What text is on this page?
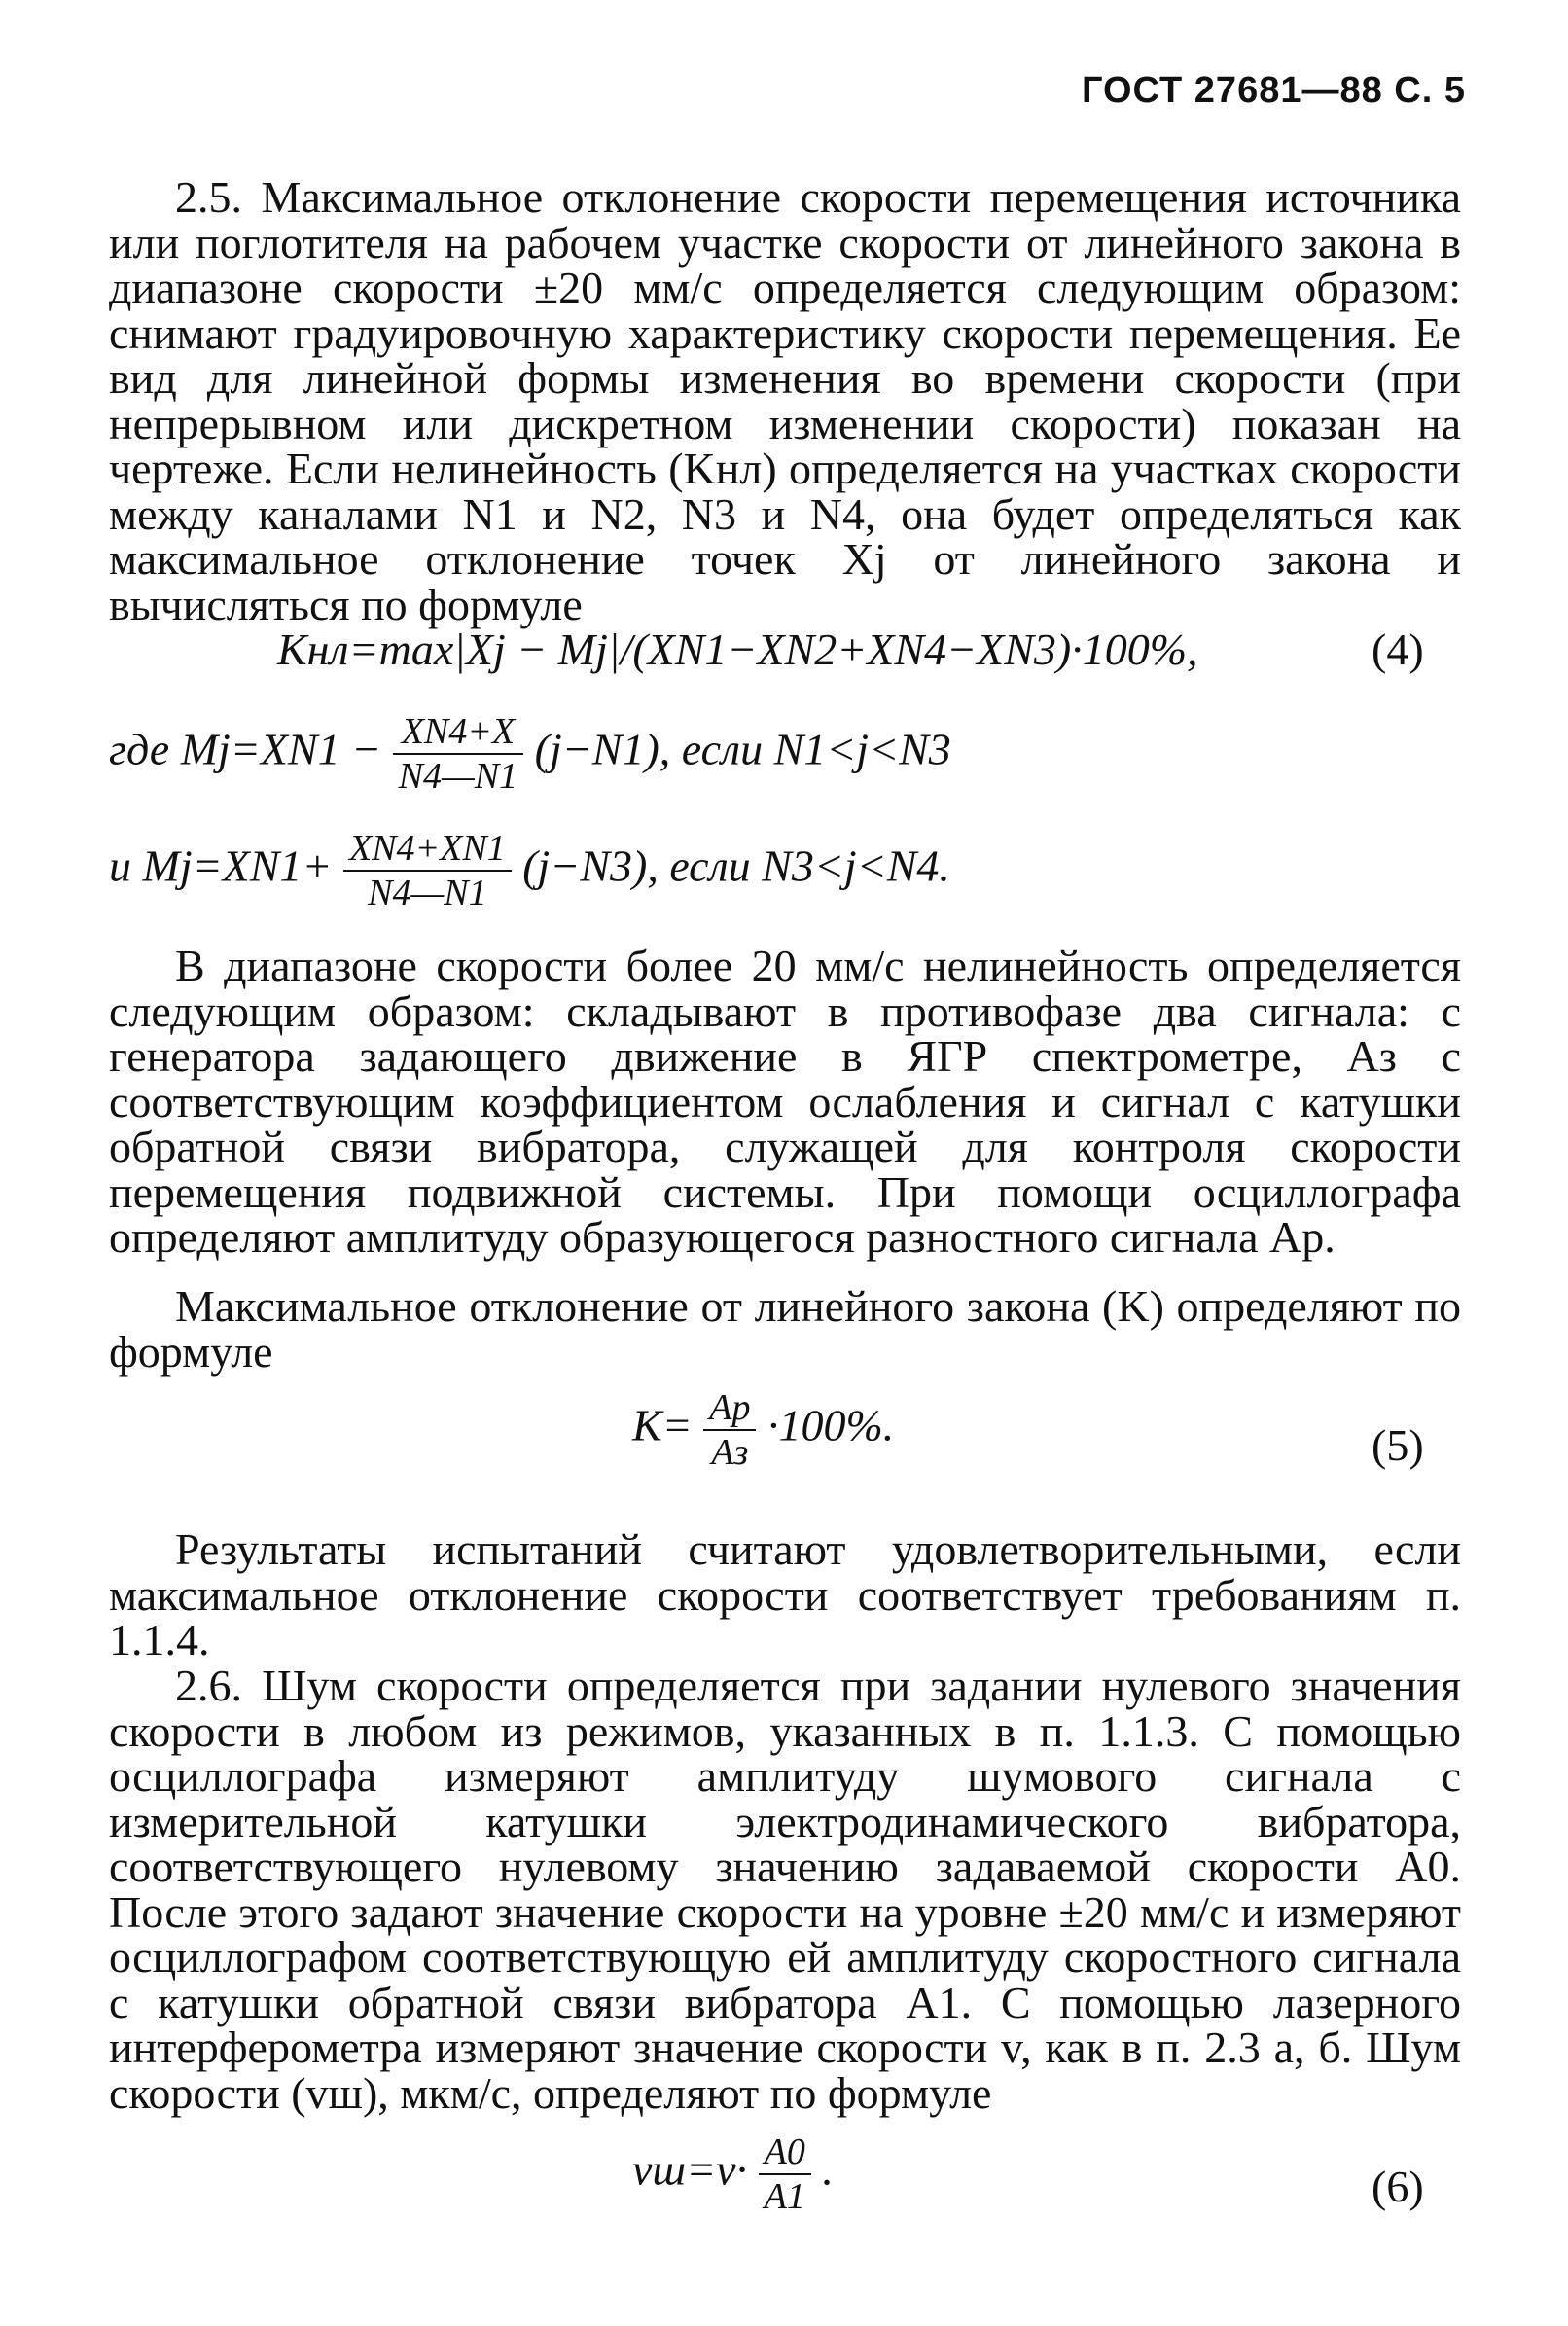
ГОСТ 27681—88 С. 5

2.5. Максимальное отклонение скорости перемещения источника или поглотителя на рабочем участке скорости от линейного закона в диапазоне скорости ±20 мм/с определяется следующим образом: снимают градуировочную характеристику скорости перемещения. Ее вид для линейной формы изменения во времени скорости (при непрерывном или дискретном изменении скорости) показан на чертеже. Если нелинейность (Kнл) определяется на участках скорости между каналами N1 и N2, N3 и N4, она будет определяться как максимальное отклонение точек Xj от линейного закона и вычисляться по формуле

Kнл=max|Xj − Mj|/(XN1−XN2+XN4−XN3)·100%,	(4)
где $Mj=XN1 - \frac{XN4+X}{N4—N1} (j-N1)$, если N1<j<N3
и $Mj=XN1+ \frac{XN4+XN1}{N4—N1} (j-N3)$, если N3<j<N4.

В диапазоне скорости более 20 мм/с нелинейность определяется следующим образом: складывают в противофазе два сигнала: с генератора задающего движение в ЯГР спектрометре, Aз с соответствующим коэффициентом ослабления и сигнал с катушки обратной связи вибратора, служащей для контроля скорости перемещения подвижной системы. При помощи осциллографа определяют амплитуду образующегося разностного сигнала Aр.

Максимальное отклонение от линейного закона (K) определяют по формуле

$K= \frac{Aр}{Aз} \cdot 100\%$.	(5)

Результаты испытаний считают удовлетворительными, если максимальное отклонение скорости соответствует требованиям п. 1.1.4.

2.6. Шум скорости определяется при задании нулевого значения скорости в любом из режимов, указанных в п. 1.1.3. С помощью осциллографа измеряют амплитуду шумового сигнала с измерительной катушки электродинамического вибратора, соответствующего нулевому значению задаваемой скорости A0. После этого задают значение скорости на уровне ±20 мм/с и измеряют осциллографом соответствующую ей амплитуду скоростного сигнала с катушки обратной связи вибратора A1. С помощью лазерного интерферометра измеряют значение скорости v, как в п. 2.3 а, б. Шум скорости (vш), мкм/с, определяют по формуле

$vш=v\cdot \frac{A0}{A1}$ .	(6)
